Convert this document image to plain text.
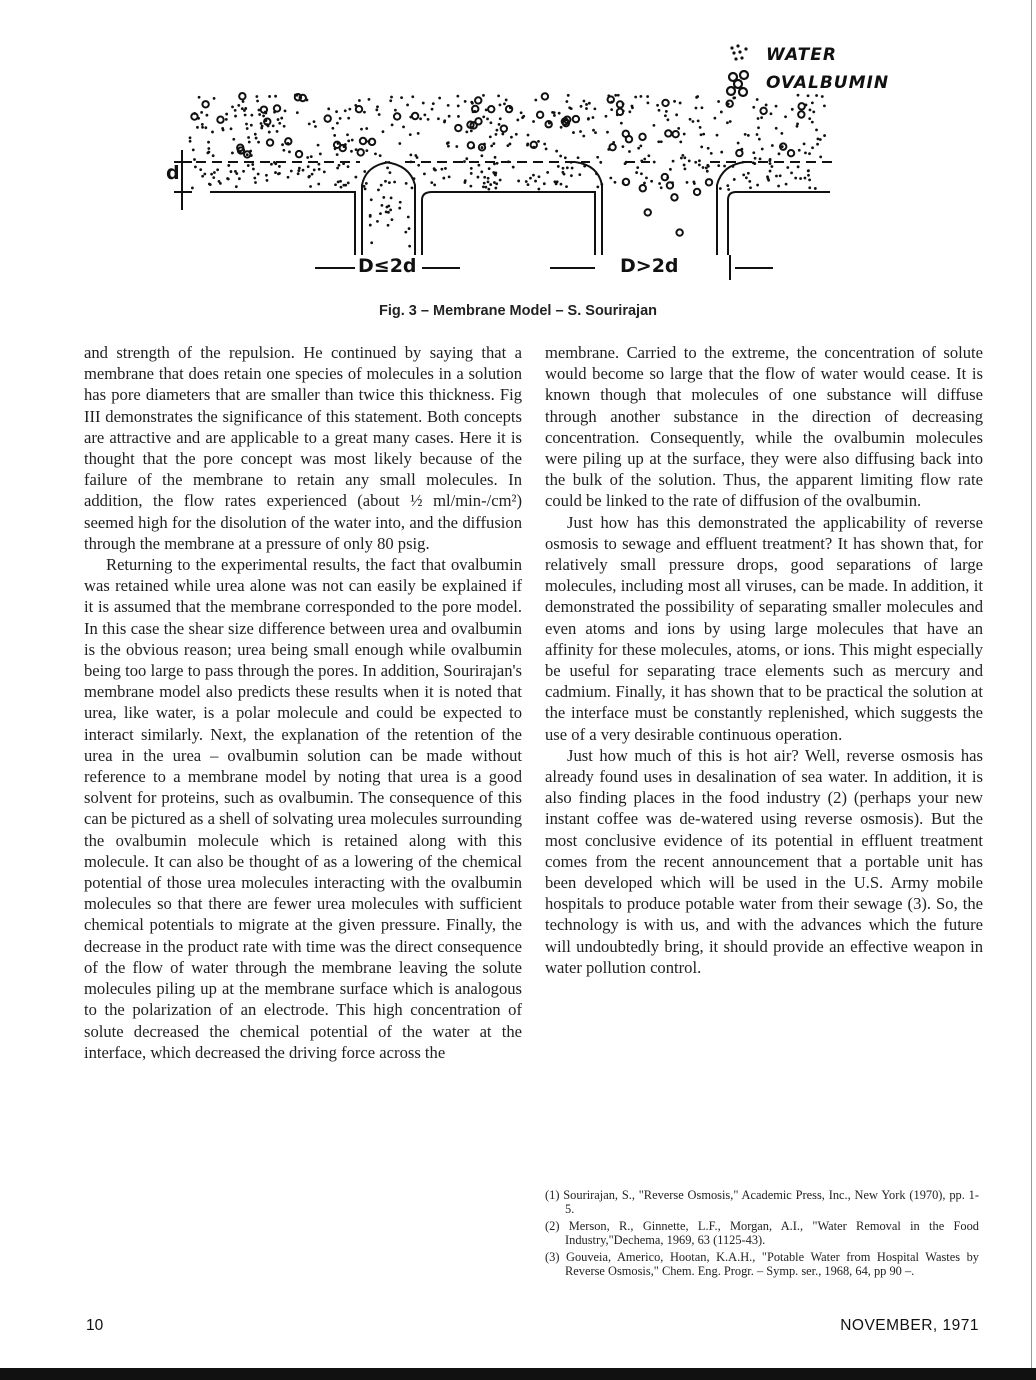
d
D≤2d	D>2d
WATER
OVALBUMIN
Fig. 3 – Membrane Model – S. Sourirajan

and strength of the repulsion. He continued by saying that a membrane that does retain one species of molecules in a solution has pore diameters that are smaller than twice this thickness. Fig III demonstrates the significance of this statement. Both concepts are attractive and are applicable to a great many cases. Here it is thought that the pore concept was most likely because of the failure of the membrane to retain any small molecules. In addition, the flow rates experienced (about ½ ml/min-/cm²) seemed high for the disolution of the water into, and the diffusion through the membrane at a pressure of only 80 psig.

Returning to the experimental results, the fact that ovalbumin was retained while urea alone was not can easily be explained if it is assumed that the membrane corresponded to the pore model. In this case the shear size difference between urea and ovalbumin is the obvious reason; urea being small enough while ovalbumin being too large to pass through the pores. In addition, Sourirajan's membrane model also predicts these results when it is noted that urea, like water, is a polar molecule and could be expected to interact similarly. Next, the explanation of the retention of the urea in the urea – ovalbumin solution can be made without reference to a membrane model by noting that urea is a good solvent for proteins, such as ovalbumin. The consequence of this can be pictured as a shell of solvating urea molecules surrounding the ovalbumin molecule which is retained along with this molecule. It can also be thought of as a lowering of the chemical potential of those urea molecules interacting with the ovalbumin molecules so that there are fewer urea molecules with sufficient chemical potentials to migrate at the given pressure. Finally, the decrease in the product rate with time was the direct consequence of the flow of water through the membrane leaving the solute molecules piling up at the membrane surface which is analogous to the polarization of an electrode. This high concentration of solute decreased the chemical potential of the water at the interface, which decreased the driving force across the

membrane. Carried to the extreme, the concentration of solute would become so large that the flow of water would cease. It is known though that molecules of one substance will diffuse through another substance in the direction of decreasing concentration. Consequently, while the ovalbumin molecules were piling up at the surface, they were also diffusing back into the bulk of the solution. Thus, the apparent limiting flow rate could be linked to the rate of diffusion of the ovalbumin.

Just how has this demonstrated the applicability of reverse osmosis to sewage and effluent treatment? It has shown that, for relatively small pressure drops, good separations of large molecules, including most all viruses, can be made. In addition, it demonstrated the possibility of separating smaller molecules and even atoms and ions by using large molecules that have an affinity for these molecules, atoms, or ions. This might especially be useful for separating trace elements such as mercury and cadmium. Finally, it has shown that to be practical the solution at the interface must be constantly replenished, which suggests the use of a very desirable continuous operation.

Just how much of this is hot air? Well, reverse osmosis has already found uses in desalination of sea water. In addition, it is also finding places in the food industry (2) (perhaps your new instant coffee was de-watered using reverse osmosis). But the most conclusive evidence of its potential in effluent treatment comes from the recent announcement that a portable unit has been developed which will be used in the U.S. Army mobile hospitals to produce potable water from their sewage (3). So, the technology is with us, and with the advances which the future will undoubtedly bring, it should provide an effective weapon in water pollution control.

(1) Sourirajan, S., "Reverse Osmosis," Academic Press, Inc., New York (1970), pp. 1-5.
(2) Merson, R., Ginnette, L.F., Morgan, A.I., "Water Removal in the Food Industry,"Dechema, 1969, 63 (1125-43).
(3) Gouveia, Americo, Hootan, K.A.H., "Potable Water from Hospital Wastes by Reverse Osmosis," Chem. Eng. Progr. – Symp. ser., 1968, 64, pp 90 –.
10	NOVEMBER, 1971
